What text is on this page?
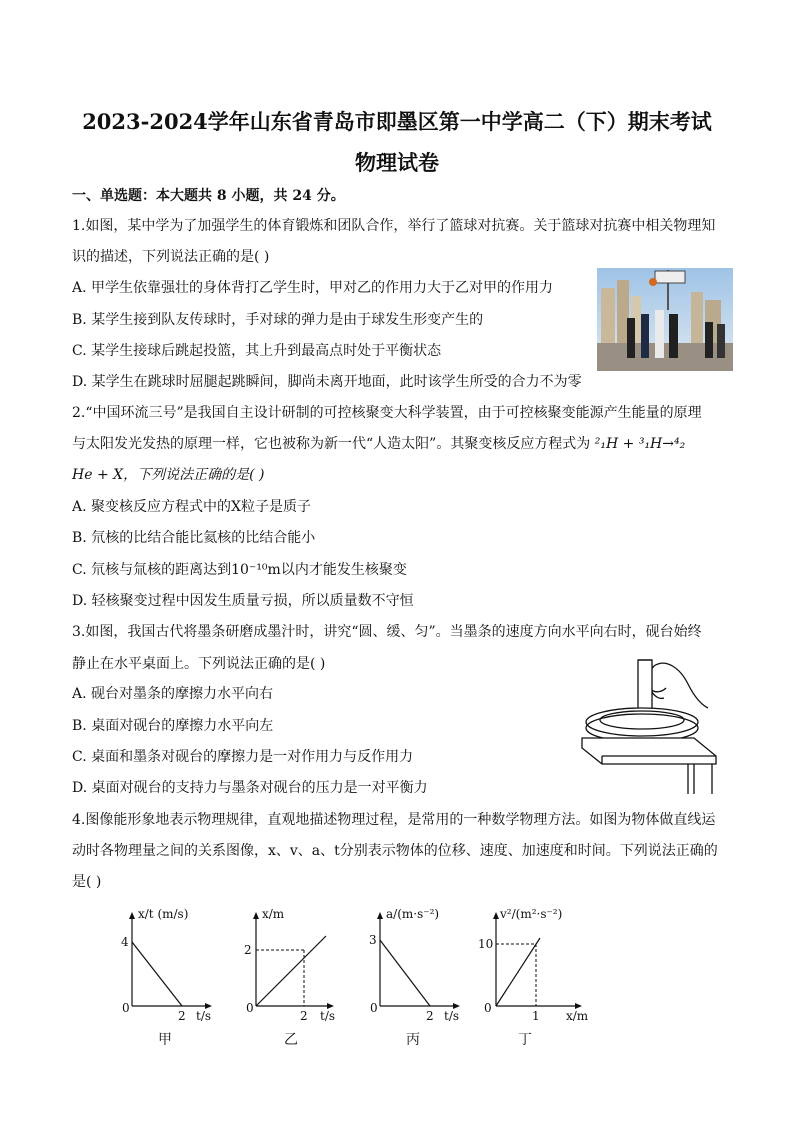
2023-2024学年山东省青岛市即墨区第一中学高二（下）期末考试
物理试卷
一、单选题：本大题共 8 小题，共 24 分。
1.如图，某中学为了加强学生的体育锻炼和团队合作，举行了篮球对抗赛。关于篮球对抗赛中相关物理知
识的描述，下列说法正确的是( )
A. 甲学生依靠强壮的身体背打乙学生时，甲对乙的作用力大于乙对甲的作用力
B. 某学生接到队友传球时，手对球的弹力是由于球发生形变产生的
C. 某学生接球后跳起投篮，其上升到最高点时处于平衡状态
D. 某学生在跳球时屈腿起跳瞬间，脚尚未离开地面，此时该学生所受的合力不为零
2.“中国环流三号”是我国自主设计研制的可控核聚变大科学装置，由于可控核聚变能源产生能量的原理
与太阳发光发热的原理一样，它也被称为新一代“人造太阳”。其聚变核反应方程式为 ²₁H + ³₁H→⁴₂
He + X，下列说法正确的是( )
A. 聚变核反应方程式中的X粒子是质子
B. 氘核的比结合能比氦核的比结合能小
C. 氘核与氚核的距离达到10⁻¹⁰m以内才能发生核聚变
D. 轻核聚变过程中因发生质量亏损，所以质量数不守恒
3.如图，我国古代将墨条研磨成墨汁时，讲究“圆、缓、匀”。当墨条的速度方向水平向右时，砚台始终
静止在水平桌面上。下列说法正确的是( )
A. 砚台对墨条的摩擦力水平向右
B. 桌面对砚台的摩擦力水平向左
C. 桌面和墨条对砚台的摩擦力是一对作用力与反作用力
D. 桌面对砚台的支持力与墨条对砚台的压力是一对平衡力
4.图像能形象地表示物理规律，直观地描述物理过程，是常用的一种数学物理方法。如图为物体做直线运
动时各物理量之间的关系图像，x、v、a、t分别表示物体的位移、速度、加速度和时间。下列说法正确的
是( )
x/t (m/s)
4
0
2 t/s
甲
x/m
2
0
2 t/s
乙
a/(m·s⁻²)
3
0
2 t/s
丙
v²/(m²·s⁻²)
10
0
1 x/m
丁
